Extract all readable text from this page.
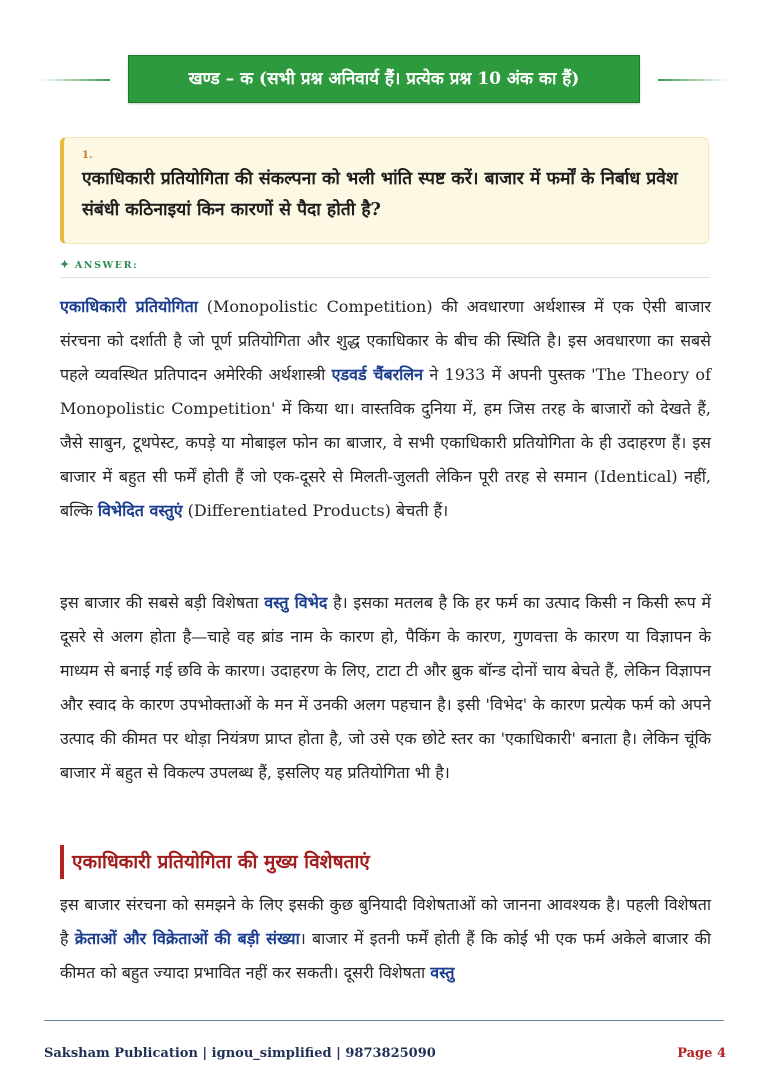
खण्ड – क (सभी प्रश्न अनिवार्य हैं। प्रत्येक प्रश्न 10 अंक का हैं)
1.
एकाधिकारी प्रतियोगिता की संकल्पना को भली भांति स्पष्ट करें। बाजार में फर्मों के निर्बाध प्रवेश संबंधी कठिनाइयां किन कारणों से पैदा होती है?
✦ ANSWER:

एकाधिकारी प्रतियोगिता (Monopolistic Competition) की अवधारणा अर्थशास्त्र में एक ऐसी बाजार संरचना को दर्शाती है जो पूर्ण प्रतियोगिता और शुद्ध एकाधिकार के बीच की स्थिति है। इस अवधारणा का सबसे पहले व्यवस्थित प्रतिपादन अमेरिकी अर्थशास्त्री एडवर्ड चैंबरलिन ने 1933 में अपनी पुस्तक 'The Theory of Monopolistic Competition' में किया था। वास्तविक दुनिया में, हम जिस तरह के बाजारों को देखते हैं, जैसे साबुन, टूथपेस्ट, कपड़े या मोबाइल फोन का बाजार, वे सभी एकाधिकारी प्रतियोगिता के ही उदाहरण हैं। इस बाजार में बहुत सी फर्में होती हैं जो एक-दूसरे से मिलती-जुलती लेकिन पूरी तरह से समान (Identical) नहीं, बल्कि विभेदित वस्तुएं (Differentiated Products) बेचती हैं।

इस बाजार की सबसे बड़ी विशेषता वस्तु विभेद है। इसका मतलब है कि हर फर्म का उत्पाद किसी न किसी रूप में दूसरे से अलग होता है—चाहे वह ब्रांड नाम के कारण हो, पैकिंग के कारण, गुणवत्ता के कारण या विज्ञापन के माध्यम से बनाई गई छवि के कारण। उदाहरण के लिए, टाटा टी और ब्रुक बॉन्ड दोनों चाय बेचते हैं, लेकिन विज्ञापन और स्वाद के कारण उपभोक्ताओं के मन में उनकी अलग पहचान है। इसी 'विभेद' के कारण प्रत्येक फर्म को अपने उत्पाद की कीमत पर थोड़ा नियंत्रण प्राप्त होता है, जो उसे एक छोटे स्तर का 'एकाधिकारी' बनाता है। लेकिन चूंकि बाजार में बहुत से विकल्प उपलब्ध हैं, इसलिए यह प्रतियोगिता भी है।

एकाधिकारी प्रतियोगिता की मुख्य विशेषताएं

इस बाजार संरचना को समझने के लिए इसकी कुछ बुनियादी विशेषताओं को जानना आवश्यक है। पहली विशेषता है क्रेताओं और विक्रेताओं की बड़ी संख्या। बाजार में इतनी फर्में होती हैं कि कोई भी एक फर्म अकेले बाजार की कीमत को बहुत ज्यादा प्रभावित नहीं कर सकती। दूसरी विशेषता वस्तु

Saksham Publication | ignou_simplified | 9873825090	Page 4
